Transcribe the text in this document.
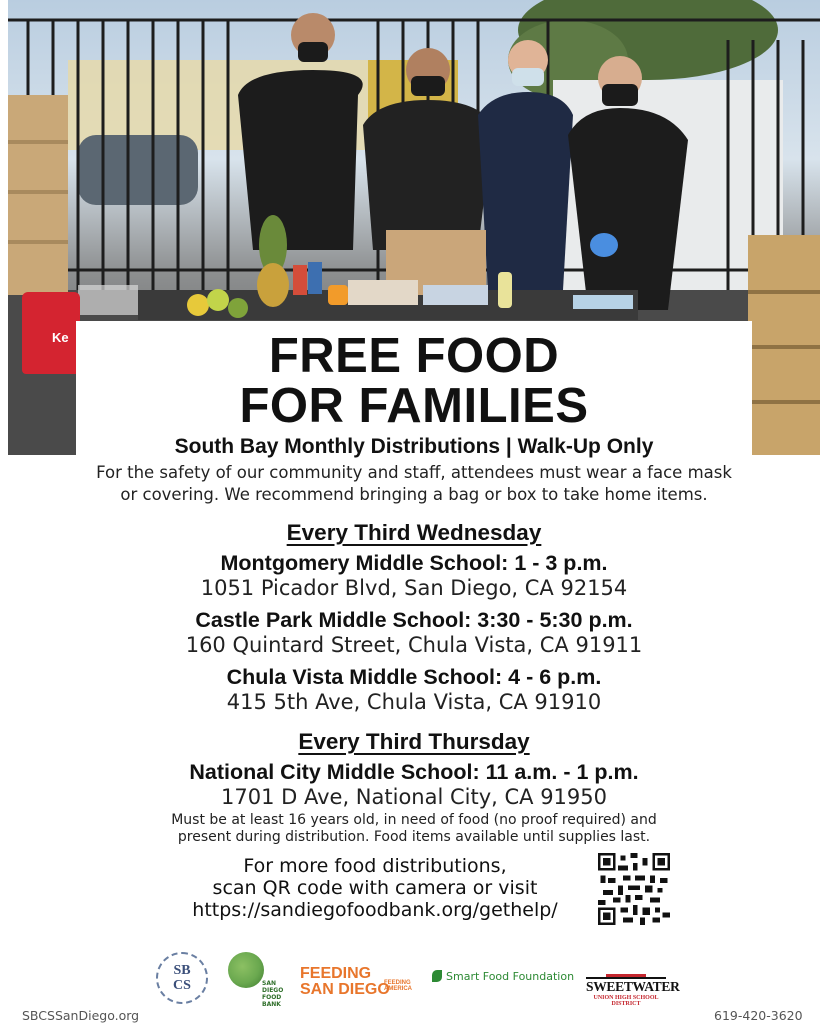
Ke	FREE FOOD
FOR FAMILIES
South Bay Monthly Distributions | Walk-Up Only

For the safety of our community and staff, attendees must wear a face mask
or covering. We recommend bringing a bag or box to take home items.

Every Third Wednesday
Montgomery Middle School: 1 - 3 p.m.
1051 Picador Blvd, San Diego, CA 92154
Castle Park Middle School: 3:30 - 5:30 p.m.
160 Quintard Street, Chula Vista, CA 91911
Chula Vista Middle School: 4 - 6 p.m.
415 5th Ave, Chula Vista, CA 91910
Every Third Thursday
National City Middle School: 11 a.m. - 1 p.m.
1701 D Ave, National City, CA 91950
Must be at least 16 years old, in need of food (no proof required) and
present during distribution. Food items available until supplies last.
For more food distributions,
scan QR code with camera or visit
https://sandiegofoodbank.org/gethelp/
SBCS	SAN DIEGO
FOOD BANK
FEEDING
SAN DIEGO
FEEDING
AMERICA
Smart Food Foundation
SWEETWATER
UNION HIGH SCHOOL DISTRICT
SBCSSanDiego.org	619-420-3620
